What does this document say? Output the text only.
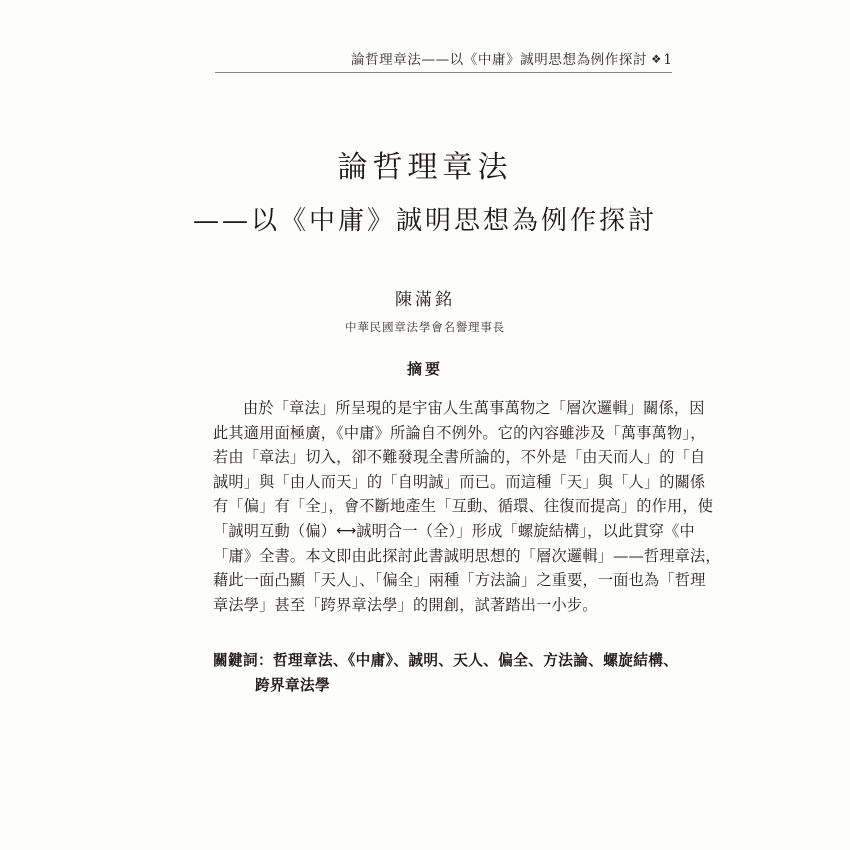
論哲理章法——以《中庸》誠明思想為例作探討 ❖ 1
論哲理章法
——以《中庸》誠明思想為例作探討

陳滿銘

中華民國章法學會名譽理事長

摘要
由於「章法」所呈現的是宇宙人生萬事萬物之「層次邏輯」關係，因
此其適用面極廣，《中庸》所論自不例外。它的內容雖涉及「萬事萬物」，
若由「章法」切入，卻不難發現全書所論的，不外是「由天而人」的「自
誠明」與「由人而天」的「自明誠」而已。而這種「天」與「人」的關係
有「偏」有「全」，會不斷地產生「互動、循環、往復而提高」的作用，使
「誠明互動（偏）⟷誠明合一（全）」形成「螺旋結構」，以此貫穿《中
「庸》全書。本文即由此探討此書誠明思想的「層次邏輯」——哲理章法，
藉此一面凸顯「天人」、「偏全」兩種「方法論」之重要，一面也為「哲理
章法學」甚至「跨界章法學」的開創，試著踏出一小步。
關鍵詞：哲理章法、《中庸》、誠明、天人、偏全、方法論、螺旋結構、
跨界章法學
